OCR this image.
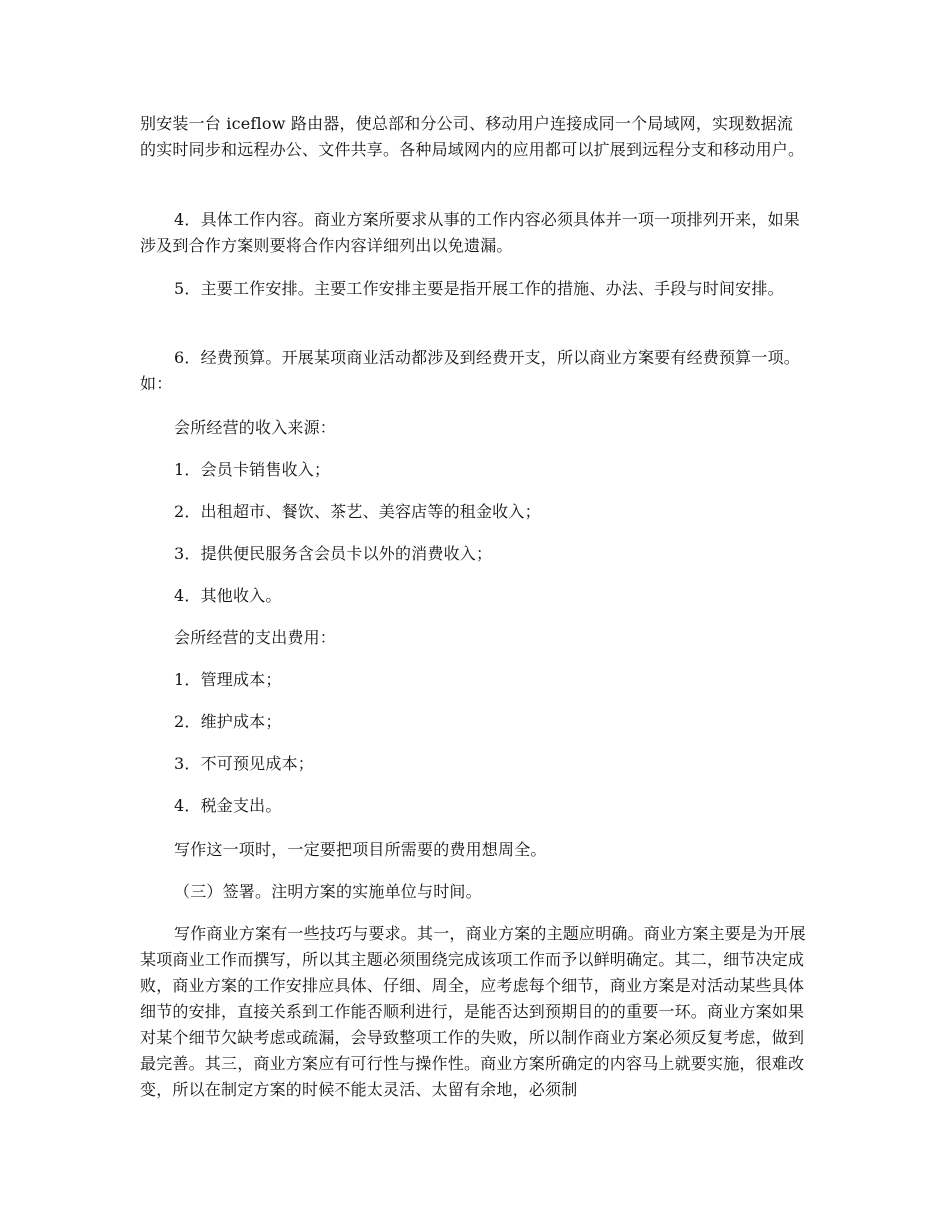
别安装一台 iceflow 路由器，使总部和分公司、移动用户连接成同一个局域网，实现数据流的实时同步和远程办公、文件共享。各种局域网内的应用都可以扩展到远程分支和移动用户。

4．具体工作内容。商业方案所要求从事的工作内容必须具体并一项一项排列开来，如果涉及到合作方案则要将合作内容详细列出以免遗漏。

5．主要工作安排。主要工作安排主要是指开展工作的措施、办法、手段与时间安排。

6．经费预算。开展某项商业活动都涉及到经费开支，所以商业方案要有经费预算一项。如：

会所经营的收入来源：

1．会员卡销售收入；

2．出租超市、餐饮、茶艺、美容店等的租金收入；

3．提供便民服务含会员卡以外的消费收入；

4．其他收入。

会所经营的支出费用：

1．管理成本；

2．维护成本；

3．不可预见成本；

4．税金支出。

写作这一项时，一定要把项目所需要的费用想周全。

（三）签署。注明方案的实施单位与时间。

写作商业方案有一些技巧与要求。其一，商业方案的主题应明确。商业方案主要是为开展某项商业工作而撰写，所以其主题必须围绕完成该项工作而予以鲜明确定。其二，细节决定成败，商业方案的工作安排应具体、仔细、周全，应考虑每个细节，商业方案是对活动某些具体细节的安排，直接关系到工作能否顺利进行，是能否达到预期目的的重要一环。商业方案如果对某个细节欠缺考虑或疏漏，会导致整项工作的失败，所以制作商业方案必须反复考虑，做到最完善。其三，商业方案应有可行性与操作性。商业方案所确定的内容马上就要实施，很难改变，所以在制定方案的时候不能太灵活、太留有余地，必须制
